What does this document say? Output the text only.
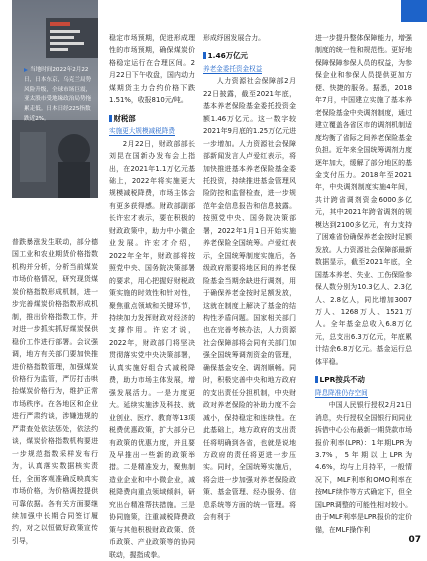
当地时间2022年2月22日，日本东京，乌克兰局势风险升级，全球市场巨震，亚太股市受地缘政治局势拖累走低。日本日经225指数跌近2%。

普跌暴涨发生联动，部分德国工业和农业期货价格指数机构并分析，分析当前煤炭市场价格情况，研究现货煤炭价格指数形成机制，进一步完善煤炭价格指数形成机制，推出价格指数工作，并对进一步抓实抓好煤炭保供稳价工作进行部署。会议强调，地方有关部门要加快推进价格指数管理，加强煤炭价格行为监管，严厉打击哄抬煤炭价格行为，维护正常市场秩序。在各地区和企业进行严肃约谈，涉嫌违规的严肃查处依法惩处，依法约谈，煤炭价格指数机构要进一步规范指数采样发布行为，认真落实数据核实责任，全面客观准确反映真实市场价格，为价格调控提供可靠依据。各有关方面要继续加强中长期合同签订履约，对之以恒做好政策宣传引导，

稳定市场预期，促进形成理性的市场预期，确保煤炭价格稳定运行在合理区间。2月22日下午收盘，国内动力煤期货主力合约价格下跌1.51%，收报810元/吨。

财税部

实施更大规模减税降费

2月22日，财政部部长刘昆在国新办发布会上指出，在2021年1.1万亿元基础上，2022年将实施更大规模减税降费，市场主体会有更多获得感。财政部副部长许宏才表示，要在积极的财政政策中，助力中小微企业发展。许宏才介绍，2022年全年，财政部将按照党中央、国务院决策部署的要求，用心把握好财税政策实施的时效性和针对性，聚焦重点领域和关键环节，持续加力发挥财政对经济的支撑作用。许宏才说，2022年，财政部门将坚决贯彻落实党中央决策部署，认真实施好组合式减税降费，助力市场主体发展，增强发展活力。一是力度更大。延续实施涉及科技、就业创业、医疗、教育等13项税费优惠政策，扩大部分已有政策的优惠力度，并且要及早推出一些新的政策举措。二是精准发力，聚焦制造业企业和中小微企业，减税降费向重点领域倾斜，研究出台精准帮扶措施。三是协同施策，注重减税降费政策与其他积极财政政策、货币政策、产业政策等的协同联动，握指成拳。

形成纾困发展合力。

1.46万亿元

养老金委托资金权益

人力资源社会保障部2月22日披露，截至2021年底，基本养老保险基金委托投资金额1.46万亿元。这一数字较2021年9月底的1.25万亿元进一步增加。人力资源社会保障部新闻发言人卢爱红表示，将加快推进基本养老保险基金委托投资，持续推进基金管理风险防控和监督检查，进一步规范年金信息报告和信息披露。按照党中央、国务院决策部署，2022年1月1日开始实施养老保险全国统筹。卢爱红表示，全国统筹制度实施后，各级政府需要将地区间的养老保险基金当期余缺进行调剂，用于确保养老金按时足额发放，这就在制度上解决了基金的结构性矛盾问题。国家相关部门也在完善考核办法，人力资源社会保障部将会同有关部门加强全国统筹调剂资金的管理，确保基金安全、调剂顺畅。同时，积极完善中央和地方政府的支出责任分担机制，中央财政对养老保险的补助力度不会减小，保持稳定和连续性。在此基础上，地方政府的支出责任将明确到各省，也就是说地方政府的责任将更进一步压实。同时，全国统筹实施后，将会进一步加强对养老保险政策、基金管理、经办服务、信息系统等方面的统一管理。将会有利于

进一步提升整体保障能力，增强制度的统一性和规范性。更好地保障保障参保人员的权益，为参保企业和参保人员提供更加方便、快捷的服务。据悉，2018年7月，中国建立实施了基本养老保险基金中央调剂制度，通过建立覆盖各省区市的调剂机制适度均衡了省际之间养老保险基金负担。近年来全国统筹调剂力度逐年加大，缓解了部分地区的基金支付压力。2018年至2021年，中央调剂制度实施4年间，共计跨省调剂资金6000多亿元，其中2021年跨省调剂的规模达到2100多亿元，有力支持了困难省份确保养老金按时足额发放。人力资源社会保障部最新数据显示，截至2021年底，全国基本养老、失业、工伤保险参保人数分别为10.3亿人、2.3亿人、2.8亿人，同比增加3007万人、1268万人、1521万人。全年基金总收入6.8万亿元，总支出6.3万亿元，年底累计结余6.8万亿元。基金运行总体平稳。

LPR按兵不动

降息降准仍存空间

中国人民银行授权2月21日消息，央行授权全国银行间同业拆借中心公布最新一期贷款市场报价利率(LPR)：1年期LPR为3.7%，5年期以上LPR为4.6%，均与上月持平，一般情况下，MLF利率和OMO利率在按MLF续作等方式确定下，但全国LPR调整的可能性相对较小。由于MLF利率是LPR报价的定价锚，在MLF操作利

07
